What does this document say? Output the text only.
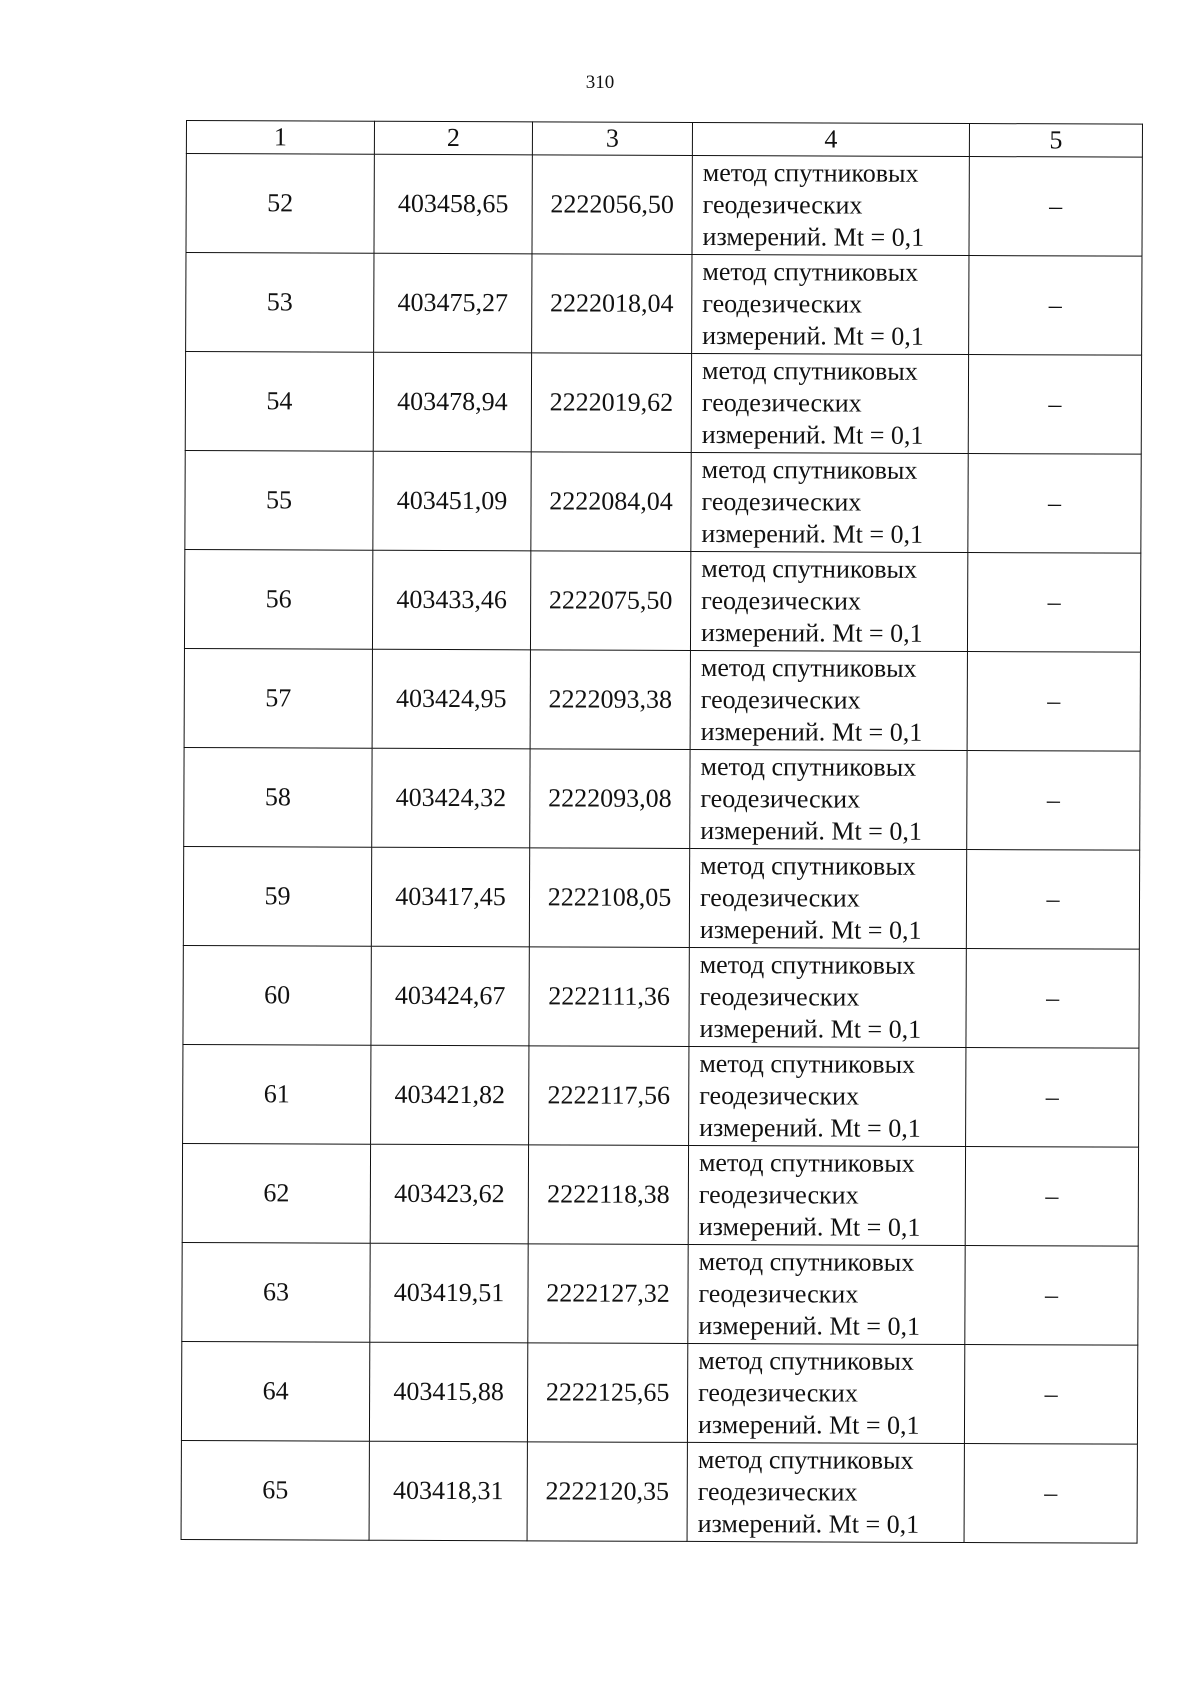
310
1	2	3	4	5
52	403458,65	2222056,50	метод спутниковых
геодезических
измерений. Mt = 0,1	–
53	403475,27	2222018,04	метод спутниковых
геодезических
измерений. Mt = 0,1	–
54	403478,94	2222019,62	метод спутниковых
геодезических
измерений. Mt = 0,1	–
55	403451,09	2222084,04	метод спутниковых
геодезических
измерений. Mt = 0,1	–
56	403433,46	2222075,50	метод спутниковых
геодезических
измерений. Mt = 0,1	–
57	403424,95	2222093,38	метод спутниковых
геодезических
измерений. Mt = 0,1	–
58	403424,32	2222093,08	метод спутниковых
геодезических
измерений. Mt = 0,1	–
59	403417,45	2222108,05	метод спутниковых
геодезических
измерений. Mt = 0,1	–
60	403424,67	2222111,36	метод спутниковых
геодезических
измерений. Mt = 0,1	–
61	403421,82	2222117,56	метод спутниковых
геодезических
измерений. Mt = 0,1	–
62	403423,62	2222118,38	метод спутниковых
геодезических
измерений. Mt = 0,1	–
63	403419,51	2222127,32	метод спутниковых
геодезических
измерений. Mt = 0,1	–
64	403415,88	2222125,65	метод спутниковых
геодезических
измерений. Mt = 0,1	–
65	403418,31	2222120,35	метод спутниковых
геодезических
измерений. Mt = 0,1	–
